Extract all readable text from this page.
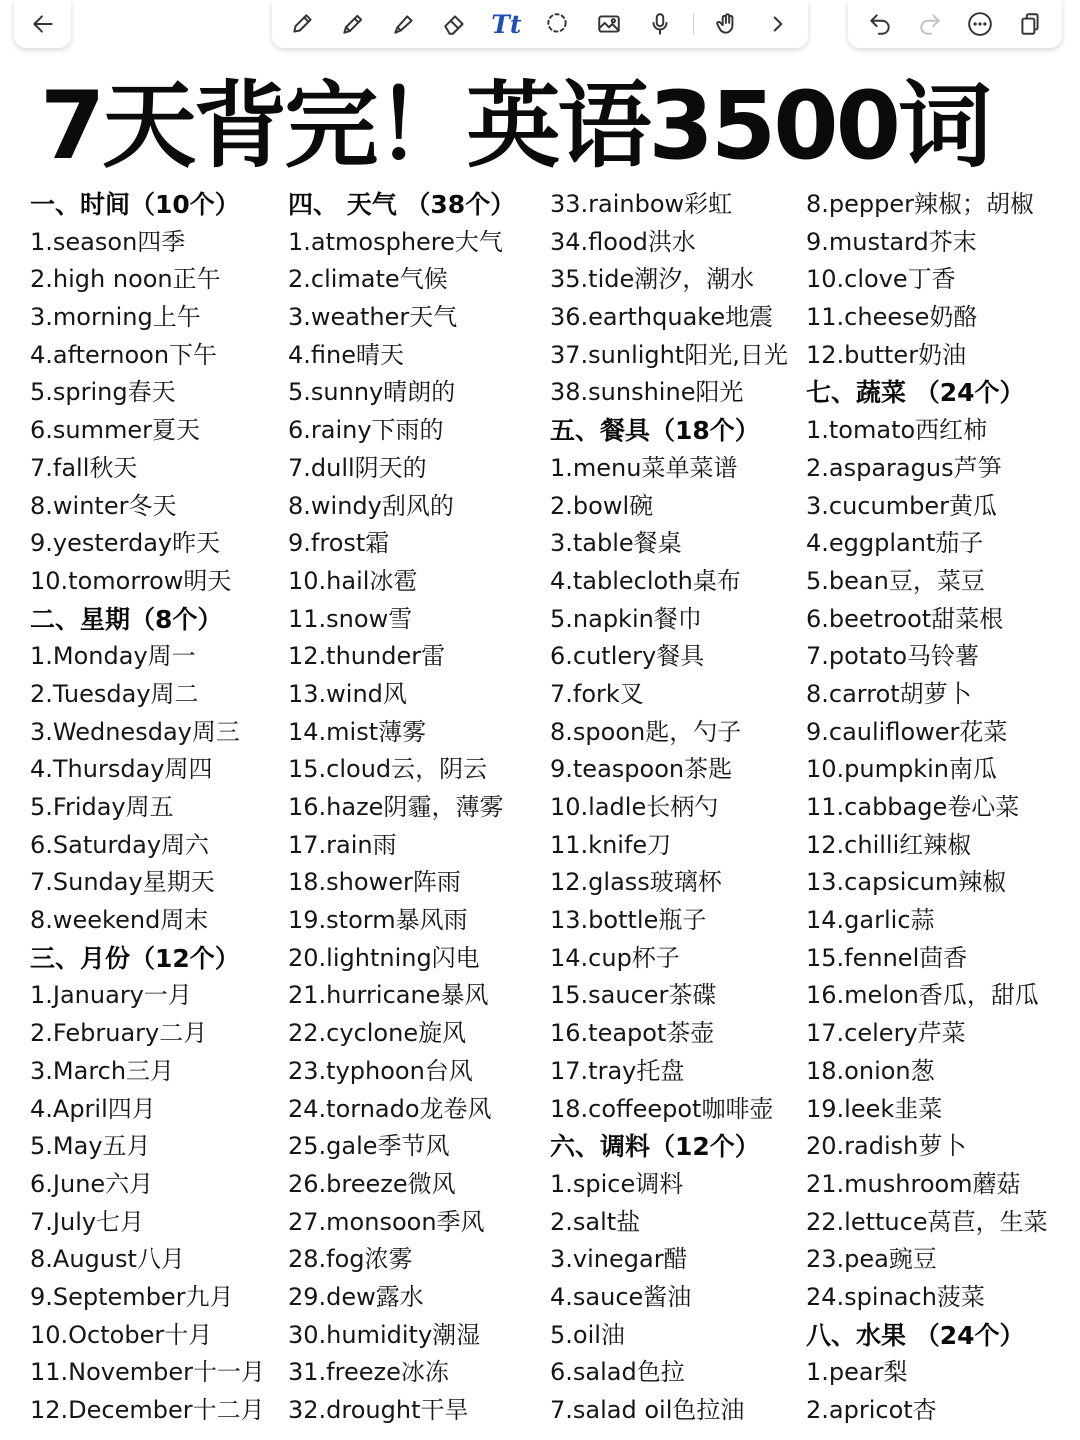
Tt
7天背完！英语3500词
一、时间（10个）
1.season四季
2.high noon正午
3.morning上午
4.afternoon下午
5.spring春天
6.summer夏天
7.fall秋天
8.winter冬天
9.yesterday昨天
10.tomorrow明天
二、星期（8个）
1.Monday周一
2.Tuesday周二
3.Wednesday周三
4.Thursday周四
5.Friday周五
6.Saturday周六
7.Sunday星期天
8.weekend周末
三、月份（12个）
1.January一月
2.February二月
3.March三月
4.April四月
5.May五月
6.June六月
7.July七月
8.August八月
9.September九月
10.October十月
11.November十一月
12.December十二月
四、 天气 （38个）
1.atmosphere大气
2.climate气候
3.weather天气
4.fine晴天
5.sunny晴朗的
6.rainy下雨的
7.dull阴天的
8.windy刮风的
9.frost霜
10.hail冰雹
11.snow雪
12.thunder雷
13.wind风
14.mist薄雾
15.cloud云，阴云
16.haze阴霾，薄雾
17.rain雨
18.shower阵雨
19.storm暴风雨
20.lightning闪电
21.hurricane暴风
22.cyclone旋风
23.typhoon台风
24.tornado龙卷风
25.gale季节风
26.breeze微风
27.monsoon季风
28.fog浓雾
29.dew露水
30.humidity潮湿
31.freeze冰冻
32.drought干旱
33.rainbow彩虹
34.flood洪水
35.tide潮汐，潮水
36.earthquake地震
37.sunlight阳光,日光
38.sunshine阳光
五、餐具（18个）
1.menu菜单菜谱
2.bowl碗
3.table餐桌
4.tablecloth桌布
5.napkin餐巾
6.cutlery餐具
7.fork叉
8.spoon匙，勺子
9.teaspoon茶匙
10.ladle长柄勺
11.knife刀
12.glass玻璃杯
13.bottle瓶子
14.cup杯子
15.saucer茶碟
16.teapot茶壶
17.tray托盘
18.coffeepot咖啡壶
六、调料（12个）
1.spice调料
2.salt盐
3.vinegar醋
4.sauce酱油
5.oil油
6.salad色拉
7.salad oil色拉油
8.pepper辣椒；胡椒
9.mustard芥末
10.clove丁香
11.cheese奶酪
12.butter奶油
七、蔬菜 （24个）
1.tomato西红柿
2.asparagus芦笋
3.cucumber黄瓜
4.eggplant茄子
5.bean豆，菜豆
6.beetroot甜菜根
7.potato马铃薯
8.carrot胡萝卜
9.cauliflower花菜
10.pumpkin南瓜
11.cabbage卷心菜
12.chilli红辣椒
13.capsicum辣椒
14.garlic蒜
15.fennel茴香
16.melon香瓜，甜瓜
17.celery芹菜
18.onion葱
19.leek韭菜
20.radish萝卜
21.mushroom蘑菇
22.lettuce莴苣，生菜
23.pea豌豆
24.spinach菠菜
八、水果 （24个）
1.pear梨
2.apricot杏
